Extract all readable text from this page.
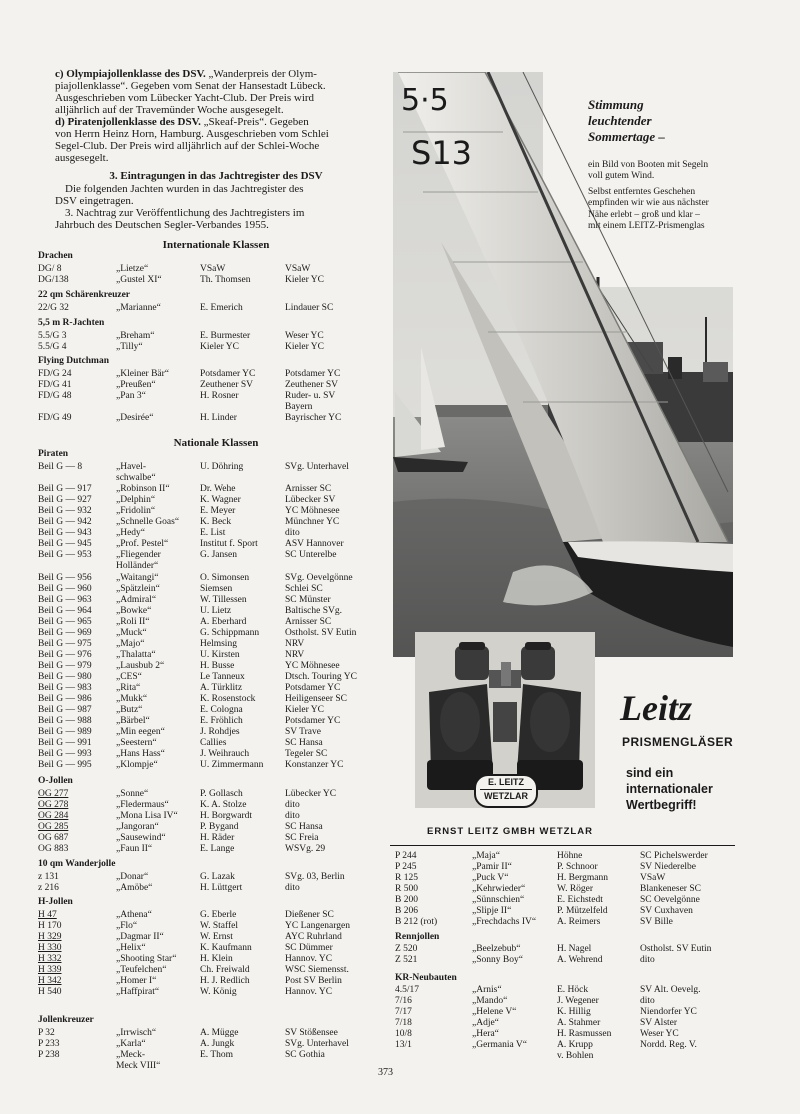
c) Olympiajollenklasse des DSV. „Wanderpreis der Olym-
piajollenklasse“. Gegeben vom Senat der Hansestadt Lübeck.
Ausgeschrieben vom Lübecker Yacht-Club. Der Preis wird
alljährlich auf der Travemünder Woche ausgesegelt.
d) Piratenjollenklasse des DSV. „Skeaf-Preis“. Gegeben
von Herrn Heinz Horn, Hamburg. Ausgeschrieben vom Schlei
Segel-Club. Der Preis wird alljährlich auf der Schlei-Woche
ausgesegelt.
3. Eintragungen in das Jachtregister des DSV
Die folgenden Jachten wurden in das Jachtregister des
DSV eingetragen.
3. Nachtrag zur Veröffentlichung des Jachtregisters im
Jahrbuch des Deutschen Segler-Verbandes 1955.
Internationale Klassen
Nationale Klassen
Drachen
22 qm Schärenkreuzer
5,5 m R-Jachten
Flying Dutchman
Piraten
O-Jollen
10 qm Wanderjolle
H-Jollen
Jollenkreuzer
DG/ 8	„Lietze“	VSaW	VSaW
DG/138	„Gustel XI“	Th. Thomsen	Kieler YC
22/G 32	„Marianne“	E. Emerich	Lindauer SC
5.5/G 3	„Breham“	E. Burmester	Weser YC
5.5/G 4	„Tilly“	Kieler YC	Kieler YC
FD/G 24	„Kleiner Bär“	Potsdamer YC	Potsdamer YC
FD/G 41	„Preußen“	Zeuthener SV	Zeuthener SV
FD/G 48	„Pan 3“	H. Rosner	Ruder- u. SV
Bayern
FD/G 49	„Desirée“	H. Linder	Bayrischer YC
Beil G — 8	„Havel-	U. Döhring	SVg. Unterhavel
schwalbe“
Beil G — 917	„Robinson II“	Dr. Wehe	Arnisser SC
Beil G — 927	„Delphin“	K. Wagner	Lübecker SV
Beil G — 932	„Fridolin“	E. Meyer	YC Möhnesee
Beil G — 942	„Schnelle Goas“ K. Beck	Münchner YC
Beil G — 943	„Hedy“	E. List	dito
Beil G — 945	„Prof. Pestel“	Institut f. Sport	ASV Hannover
Beil G — 953	„Fliegender	G. Jansen	SC Unterelbe
Holländer“
Beil G — 956	„Waitangi“	O. Simonsen	SVg. Oevelgönne
Beil G — 960	„Spätzlein“	Siemsen	Schlei SC
Beil G — 963	„Admiral“	W. Tillessen	SC Münster
Beil G — 964	„Bowke“	U. Lietz	Baltische SVg.
Beil G — 965	„Roli II“	A. Eberhard	Arnisser SC
Beil G — 969	„Muck“	G. Schippmann	Ostholst. SV Eutin
Beil G — 975	„Majo“	Helmsing	NRV
Beil G — 976	„Thalatta“	U. Kirsten	NRV
Beil G — 979	„Lausbub 2“	H. Busse	YC Möhnesee
Beil G — 980	„CES“	Le Tanneux	Dtsch. Touring YC
Beil G — 983	„Rita“	A. Türklitz	Potsdamer YC
Beil G — 986	„Mukk“	K. Rosenstock	Heiligenseer SC
Beil G — 987	„Butz“	E. Cologna	Kieler YC
Beil G — 988	„Bärbel“	E. Fröhlich	Potsdamer YC
Beil G — 989	„Min eegen“	J. Rohdjes	SV Trave
Beil G — 991	„Seestern“	Callies	SC Hansa
Beil G — 993	„Hans Hass“	J. Weihrauch	Tegeler SC
Beil G — 995	„Klompje“	U. Zimmermann Konstanzer YC
OG 277	„Sonne“	P. Gollasch	Lübecker YC
OG 278	„Fledermaus“	K. A. Stolze	dito
OG 284	„Mona Lisa IV“ H. Borgwardt	dito
OG 285	„Jangoran“	P. Bygand	SC Hansa
OG 687	„Sausewind“	H. Räder	SC Freia
OG 883	„Faun II“	E. Lange	WSVg. 29
z 131	„Donar“	G. Lazak	SVg. 03, Berlin
z 216	„Amöbe“	H. Lüttgert	dito
H 47	„Athena“	G. Eberle	Dießener SC
H 170	„Flo“	W. Staffel	YC Langenargen
H 329	„Dagmar II“	W. Ernst	AYC Ruhrland
H 330	„Helix“	K. Kaufmann	SC Dümmer
H 332	„Shooting Star“ H. Klein	Hannov. YC
H 339	„Teufelchen“	Ch. Freiwald	WSC Siemensst.
H 342	„Homer I“	H. J. Redlich	Post SV Berlin
H 540	„Haffpirat“	W. König	Hannov. YC
P 32	„Irrwisch“	A. Mügge	SV Stößensee
P 233	„Karla“	A. Jungk	SVg. Unterhavel
P 238	„Meck-	E. Thom	SC Gothia
Meck VIII“
Rennjollen
KR-Neubauten
P 244	„Maja“	Höhne	SC Pichelswerder
P 245	„Pamir II“	P. Schnoor	SV Niederelbe
R 125	„Puck V“	H. Bergmann	VSaW
R 500	„Kehrwieder“	W. Röger	Blankeneser SC
B 200	„Sünnschien“	E. Eichstedt	SC Oevelgönne
B 206	„Slipje II“	P. Mützelfeld	SV Cuxhaven
B 212 (rot)	„Frechdachs IV“ A. Reimers	SV Bille
Z 520	„Beelzebub“	H. Nagel	Ostholst. SV Eutin
Z 521	„Sonny Boy“	A. Wehrend	dito
4.5/17	„Arnis“	E. Höck	SV Alt. Oevelg.
7/16	„Mando“	J. Wegener	dito
7/17	„Helene V“	K. Hillig	Niendorfer YC
7/18	„Adje“	A. Stahmer	SV Alster
10/8	„Hera“	H. Rasmussen	Weser YC
13/1	„Germania V“	A. Krupp	Nordd. Reg. V.
v. Bohlen
5·5
S13
Stimmung
leuchtender
Sommertage –
ein Bild von Booten mit Segeln
voll gutem Wind.
Selbst entferntes Geschehen
empfinden wir wie aus nächster
Nähe erlebt – groß und klar –
mit einem LEITZ-Prismenglas
Leitz
PRISMENGLÄSER
sind ein
internationaler
Wertbegriff!
E. LEITZ
WETZLAR
ERNST LEITZ GMBH WETZLAR
373
